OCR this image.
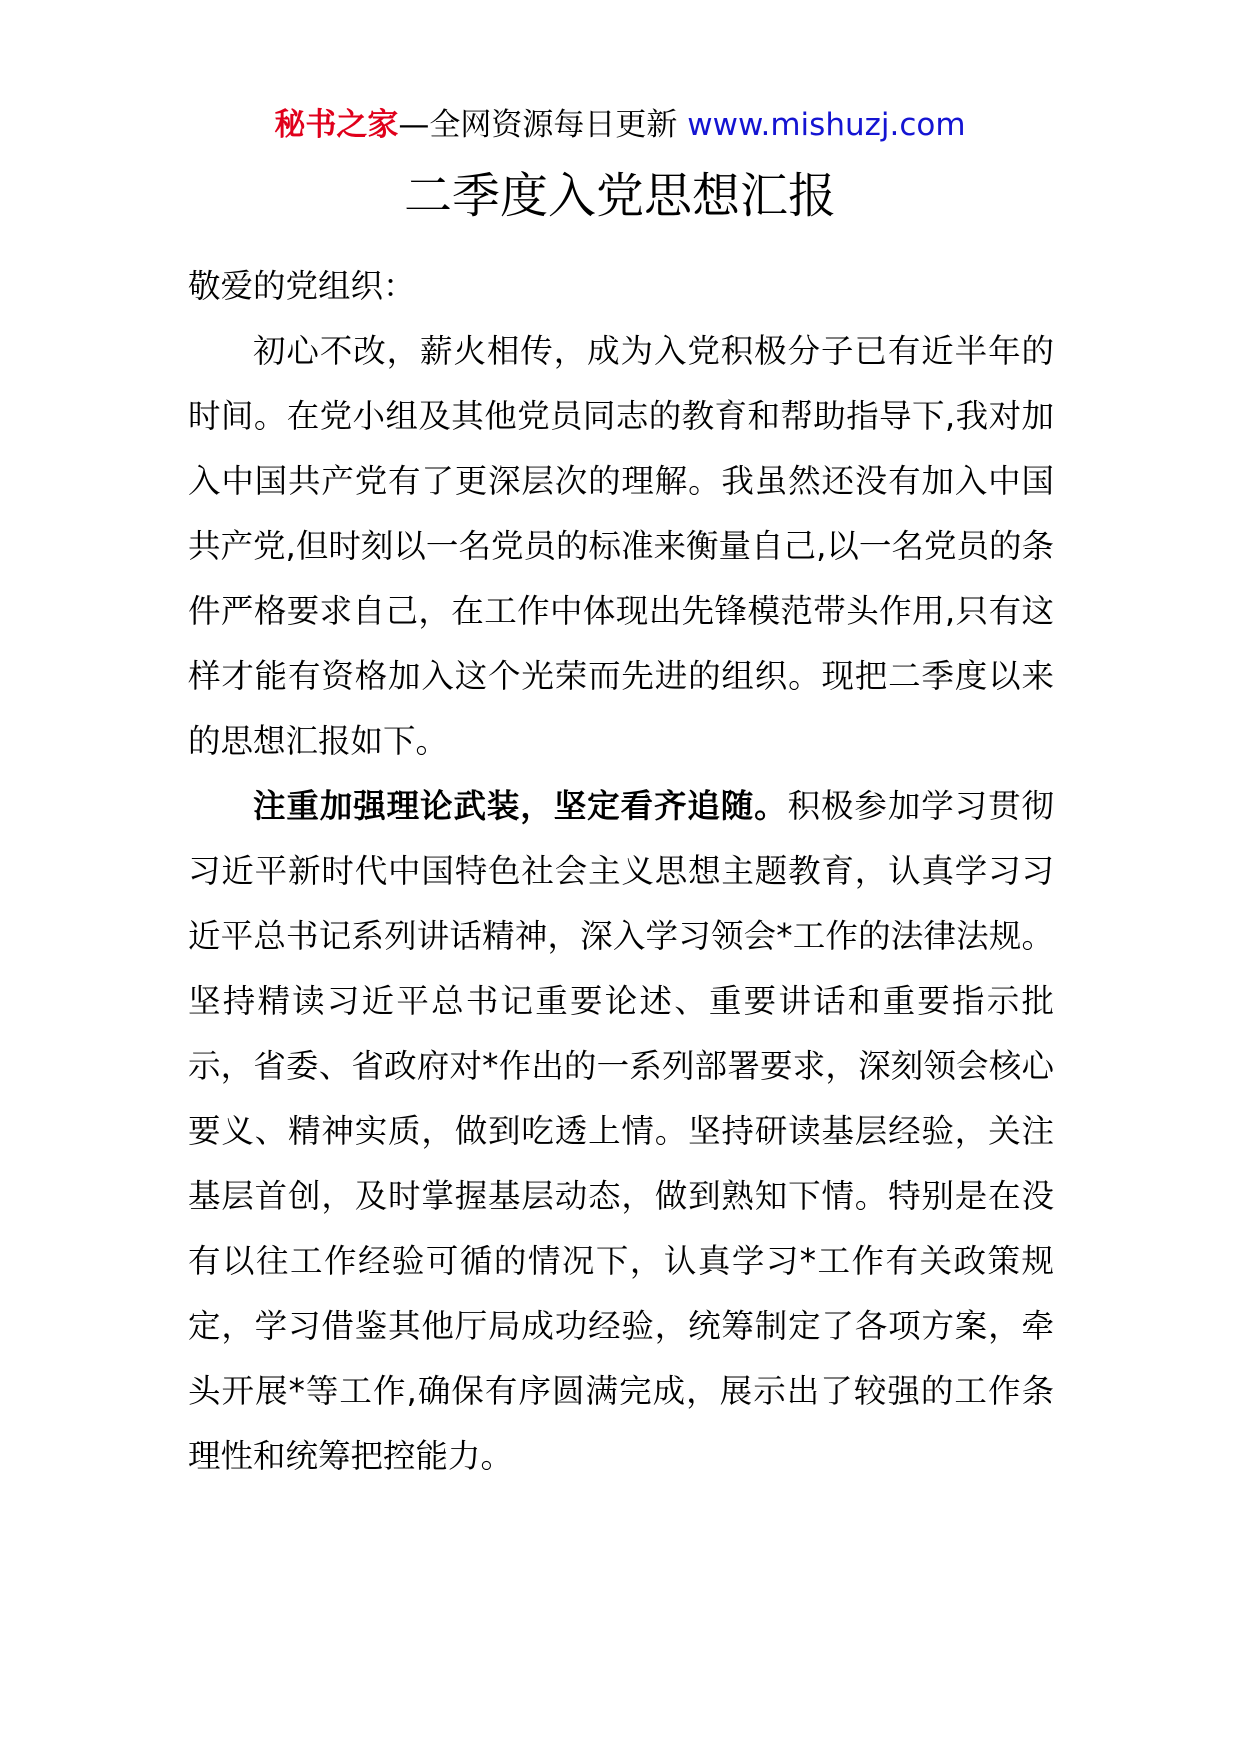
秘书之家—全网资源每日更新 www.mishuzj.com
二季度入党思想汇报

敬爱的党组织：

初心不改，薪火相传，成为入党积极分子已有近半年的时间。在党小组及其他党员同志的教育和帮助指导下,我对加入中国共产党有了更深层次的理解。我虽然还没有加入中国共产党,但时刻以一名党员的标准来衡量自己,以一名党员的条件严格要求自己，在工作中体现出先锋模范带头作用,只有这样才能有资格加入这个光荣而先进的组织。现把二季度以来的思想汇报如下。

注重加强理论武装，坚定看齐追随。积极参加学习贯彻习近平新时代中国特色社会主义思想主题教育，认真学习习近平总书记系列讲话精神，深入学习领会*工作的法律法规。坚持精读习近平总书记重要论述、重要讲话和重要指示批示，省委、省政府对*作出的一系列部署要求，深刻领会核心要义、精神实质，做到吃透上情。坚持研读基层经验，关注基层首创，及时掌握基层动态，做到熟知下情。特别是在没有以往工作经验可循的情况下，认真学习*工作有关政策规定，学习借鉴其他厅局成功经验，统筹制定了各项方案，牵头开展*等工作,确保有序圆满完成，展示出了较强的工作条理性和统筹把控能力。
